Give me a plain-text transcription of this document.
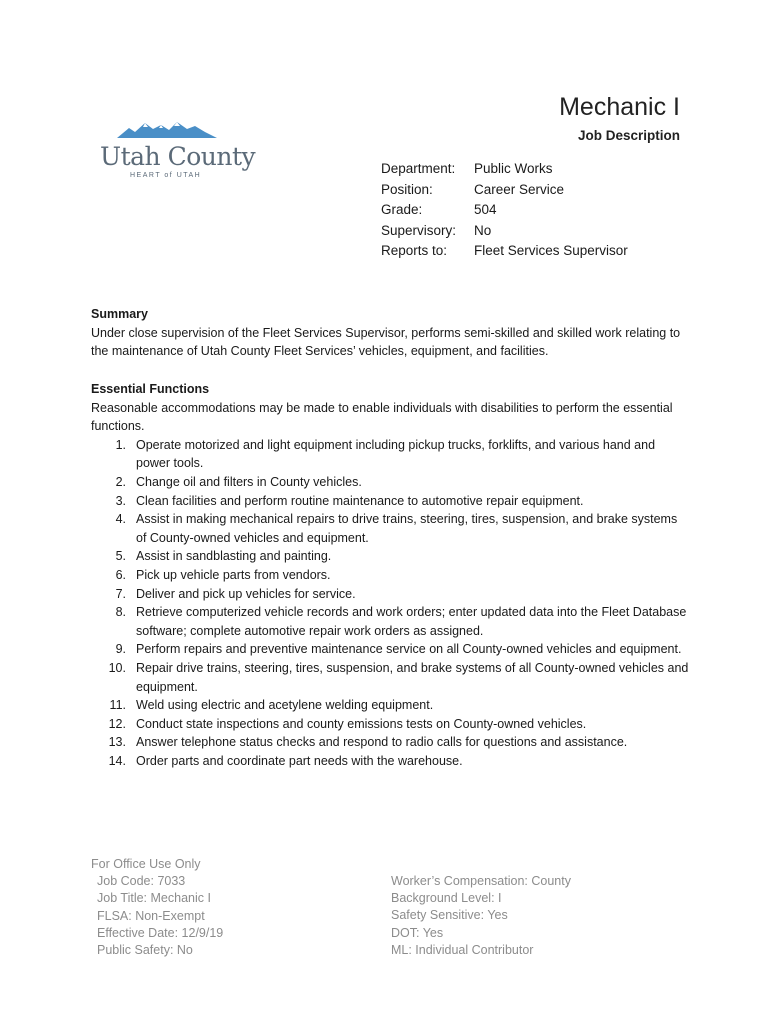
Utah County
HEART of UTAH
Mechanic I
Job Description
Department:	Public Works
Position:	Career Service
Grade:	504
Supervisory:	No
Reports to:	Fleet Services Supervisor
Summary
Under close supervision of the Fleet Services Supervisor, performs semi-skilled and skilled work relating to the maintenance of Utah County Fleet Services’ vehicles, equipment, and facilities.
Essential Functions
Reasonable accommodations may be made to enable individuals with disabilities to perform the essential functions.
1. Operate motorized and light equipment including pickup trucks, forklifts, and various hand and power tools.
2. Change oil and filters in County vehicles.
3. Clean facilities and perform routine maintenance to automotive repair equipment.
4. Assist in making mechanical repairs to drive trains, steering, tires, suspension, and brake systems of County-owned vehicles and equipment.
5. Assist in sandblasting and painting.
6. Pick up vehicle parts from vendors.
7. Deliver and pick up vehicles for service.
8. Retrieve computerized vehicle records and work orders; enter updated data into the Fleet Database software; complete automotive repair work orders as assigned.
9. Perform repairs and preventive maintenance service on all County-owned vehicles and equipment.
10. Repair drive trains, steering, tires, suspension, and brake systems of all County-owned vehicles and equipment.
11. Weld using electric and acetylene welding equipment.
12. Conduct state inspections and county emissions tests on County-owned vehicles.
13. Answer telephone status checks and respond to radio calls for questions and assistance.
14. Order parts and coordinate part needs with the warehouse.
For Office Use Only
Job Code: 7033
Job Title: Mechanic I
FLSA: Non-Exempt
Effective Date: 12/9/19
Public Safety: No
Worker’s Compensation: County
Background Level: I
Safety Sensitive: Yes
DOT: Yes
ML: Individual Contributor
